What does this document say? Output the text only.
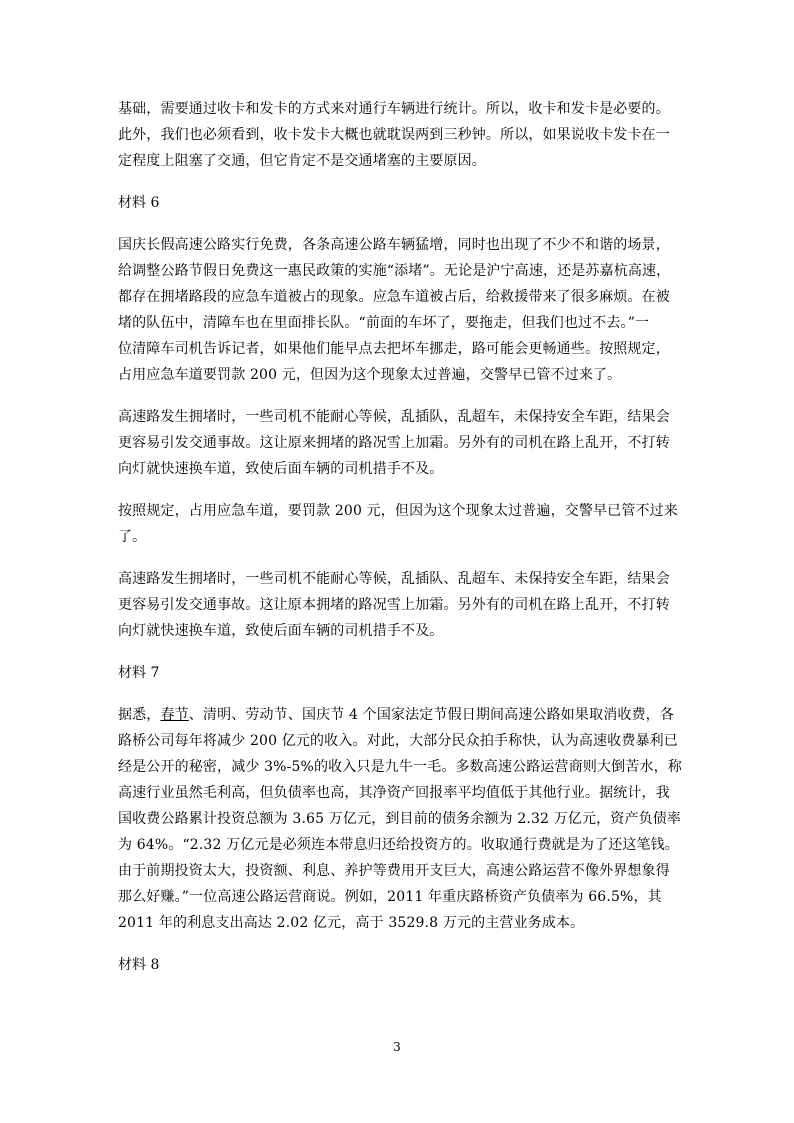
基础，需要通过收卡和发卡的方式来对通行车辆进行统计。所以，收卡和发卡是必要的。
此外，我们也必须看到，收卡发卡大概也就耽误两到三秒钟。所以，如果说收卡发卡在一
定程度上阻塞了交通，但它肯定不是交通堵塞的主要原因。
材料 6
国庆长假高速公路实行免费，各条高速公路车辆猛增，同时也出现了不少不和谐的场景，
给调整公路节假日免费这一惠民政策的实施“添堵”。无论是沪宁高速，还是苏嘉杭高速，
都存在拥堵路段的应急车道被占的现象。应急车道被占后，给救援带来了很多麻烦。在被
堵的队伍中，清障车也在里面排长队。“前面的车坏了，要拖走，但我们也过不去。”一
位清障车司机告诉记者，如果他们能早点去把坏车挪走，路可能会更畅通些。按照规定，
占用应急车道要罚款 200 元，但因为这个现象太过普遍，交警早已管不过来了。
高速路发生拥堵时，一些司机不能耐心等候，乱插队，乱超车，未保持安全车距，结果会
更容易引发交通事故。这让原来拥堵的路况雪上加霜。另外有的司机在路上乱开，不打转
向灯就快速换车道，致使后面车辆的司机措手不及。
按照规定，占用应急车道，要罚款 200 元，但因为这个现象太过普遍，交警早已管不过来
了。
高速路发生拥堵时，一些司机不能耐心等候，乱插队、乱超车、未保持安全车距，结果会
更容易引发交通事故。这让原本拥堵的路况雪上加霜。另外有的司机在路上乱开，不打转
向灯就快速换车道，致使后面车辆的司机措手不及。
材料 7
据悉，春节、清明、劳动节、国庆节 4 个国家法定节假日期间高速公路如果取消收费，各
路桥公司每年将减少 200 亿元的收入。对此，大部分民众拍手称快，认为高速收费暴利已
经是公开的秘密，减少 3%-5%的收入只是九牛一毛。多数高速公路运营商则大倒苦水，称
高速行业虽然毛利高，但负债率也高，其净资产回报率平均值低于其他行业。据统计，我
国收费公路累计投资总额为 3.65 万亿元，到目前的债务余额为 2.32 万亿元，资产负债率
为 64%。“2.32 万亿元是必须连本带息归还给投资方的。收取通行费就是为了还这笔钱。
由于前期投资太大，投资额、利息、养护等费用开支巨大，高速公路运营不像外界想象得
那么好赚。”一位高速公路运营商说。例如，2011 年重庆路桥资产负债率为 66.5%，其
2011 年的利息支出高达 2.02 亿元，高于 3529.8 万元的主营业务成本。
材料 8
3
